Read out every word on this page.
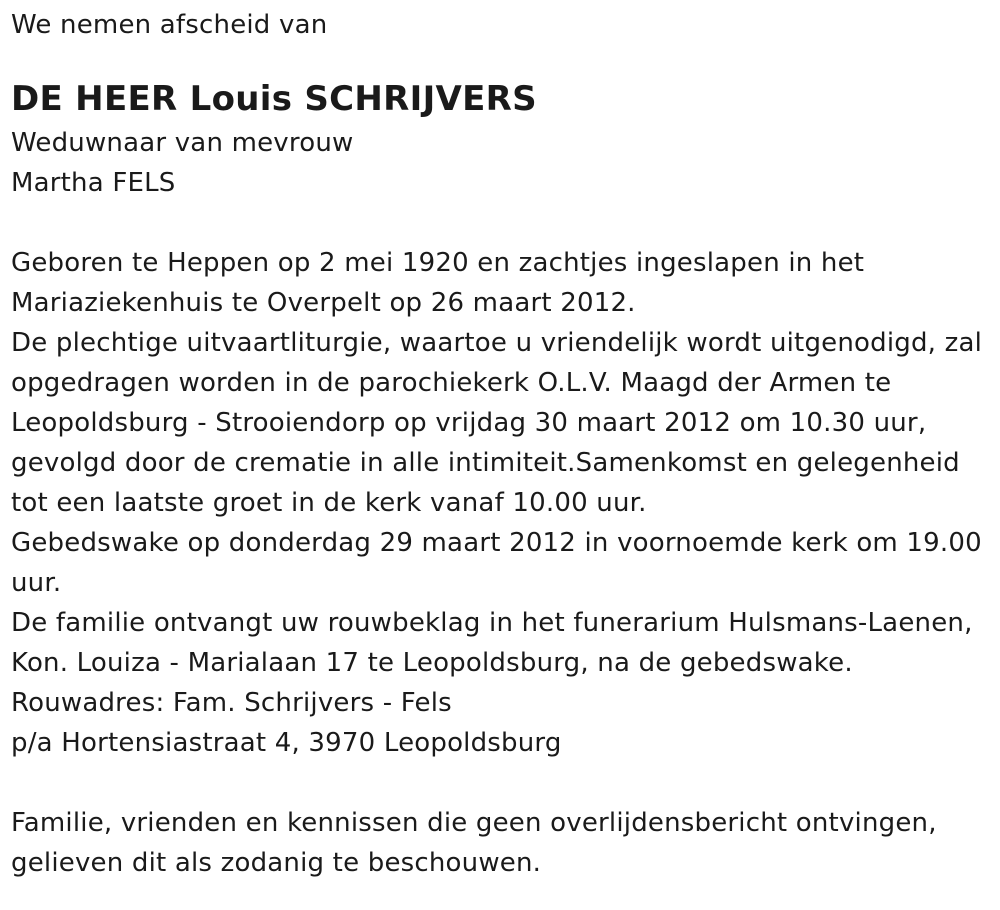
We nemen afscheid van
DE HEER Louis SCHRIJVERS
Weduwnaar van mevrouw
Martha FELS
Geboren te Heppen op 2 mei 1920 en zachtjes ingeslapen in het
Mariaziekenhuis te Overpelt op 26 maart 2012.
De plechtige uitvaartliturgie, waartoe u vriendelijk wordt uitgenodigd, zal
opgedragen worden in de parochiekerk O.L.V. Maagd der Armen te
Leopoldsburg - Strooiendorp op vrijdag 30 maart 2012 om 10.30 uur,
gevolgd door de crematie in alle intimiteit.Samenkomst en gelegenheid
tot een laatste groet in de kerk vanaf 10.00 uur.
Gebedswake op donderdag 29 maart 2012 in voornoemde kerk om 19.00
uur.
De familie ontvangt uw rouwbeklag in het funerarium Hulsmans-Laenen,
Kon. Louiza - Marialaan 17 te Leopoldsburg, na de gebedswake.
Rouwadres: Fam. Schrijvers - Fels
p/a Hortensiastraat 4, 3970 Leopoldsburg
Familie, vrienden en kennissen die geen overlijdensbericht ontvingen,
gelieven dit als zodanig te beschouwen.
